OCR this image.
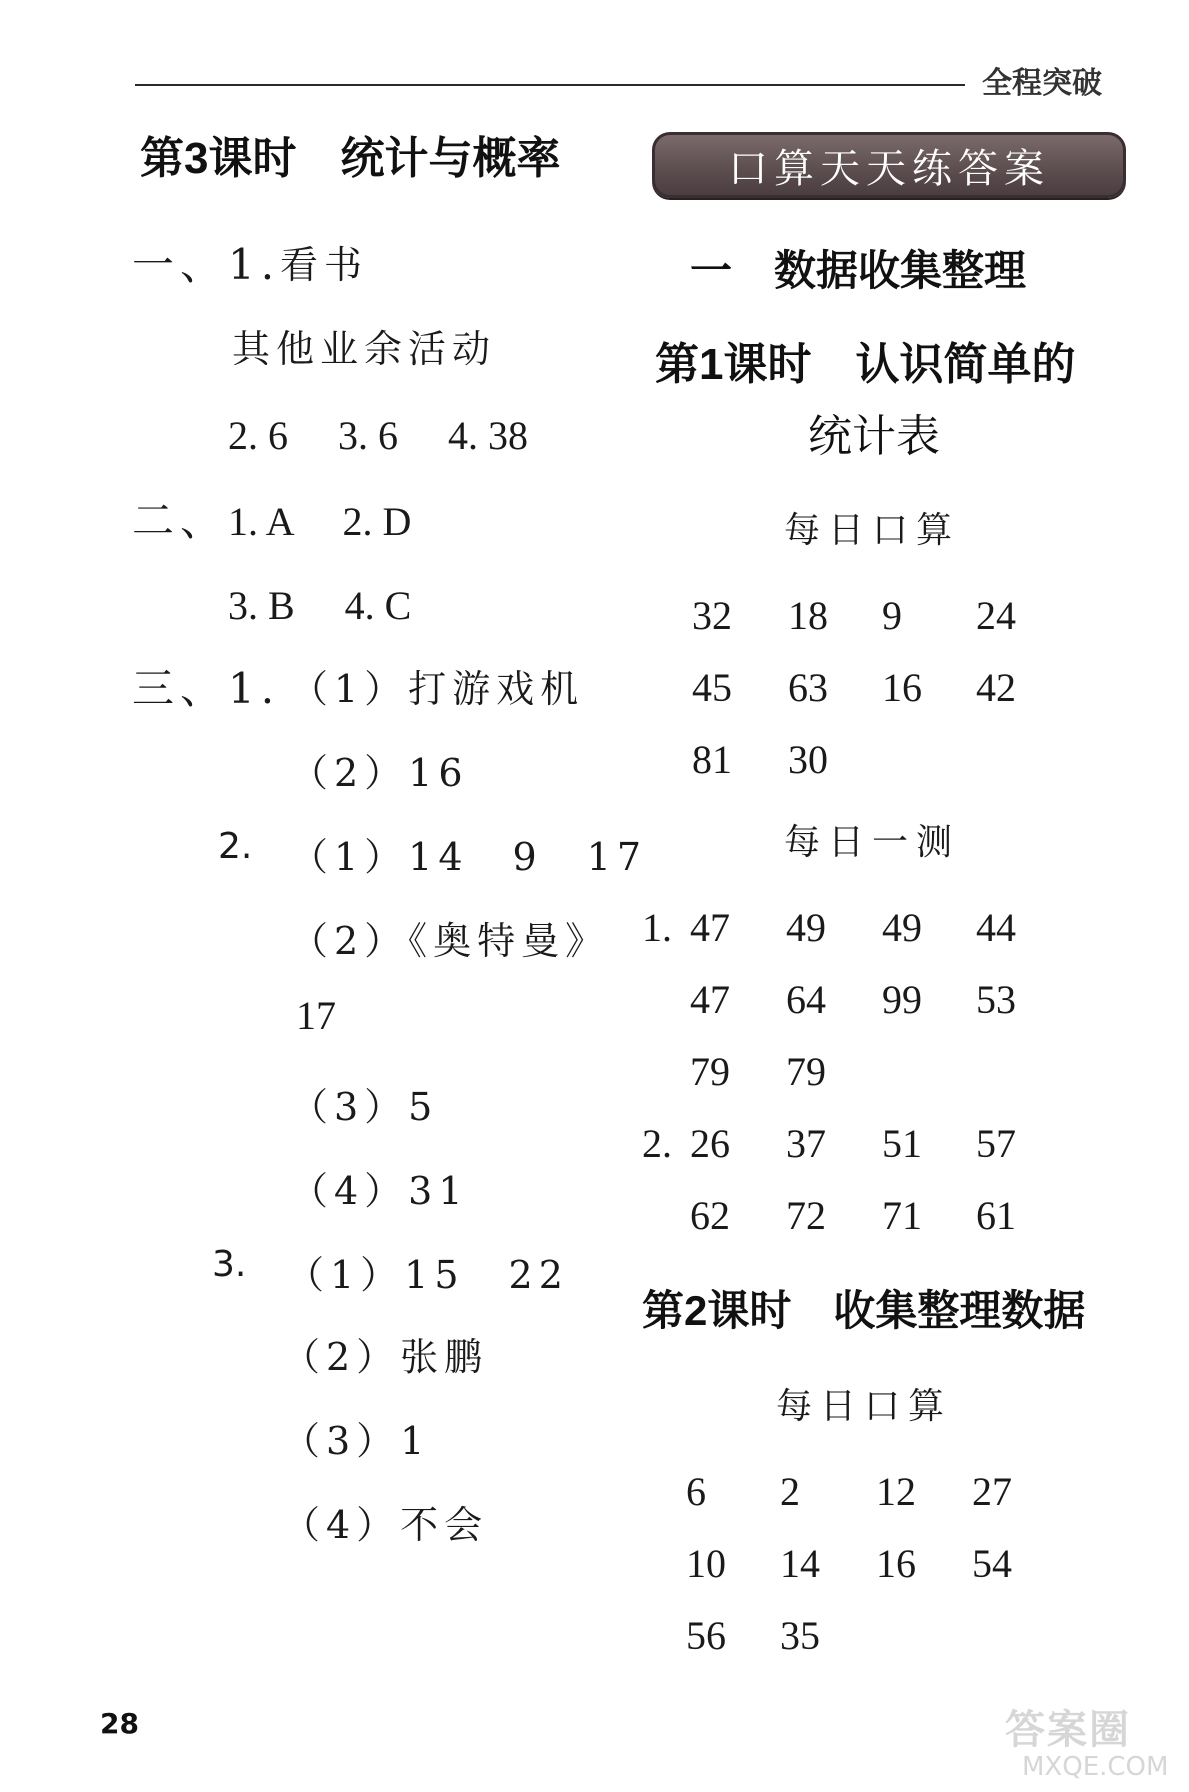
全程突破
第3课时　统计与概率
一、1. 看书
其他业余活动
2. 6　 3. 6　 4. 38
二、 1. A　 2. D
3. B　 4. C
三、1. （1）打游戏机
（2）16
2. （1）14　9　17
（2）《奥特曼》
17
（3）5
（4）31
3. （1）15　22
（2）张鹏
（3）1
（4）不会
口算天天练答案
一　数据收集整理
第1课时　认识简单的
统计表
每日口算
32 18 9 24
45 63 16 42
81 30
每日一测
1. 47 49 49 44
47 64 99 53
79 79
2. 26 37 51 57
62 72 71 61
第2课时　收集整理数据
每日口算
6 2 12 27
10 14 16 54
56 35
28	答案圈
MXQE.COM
